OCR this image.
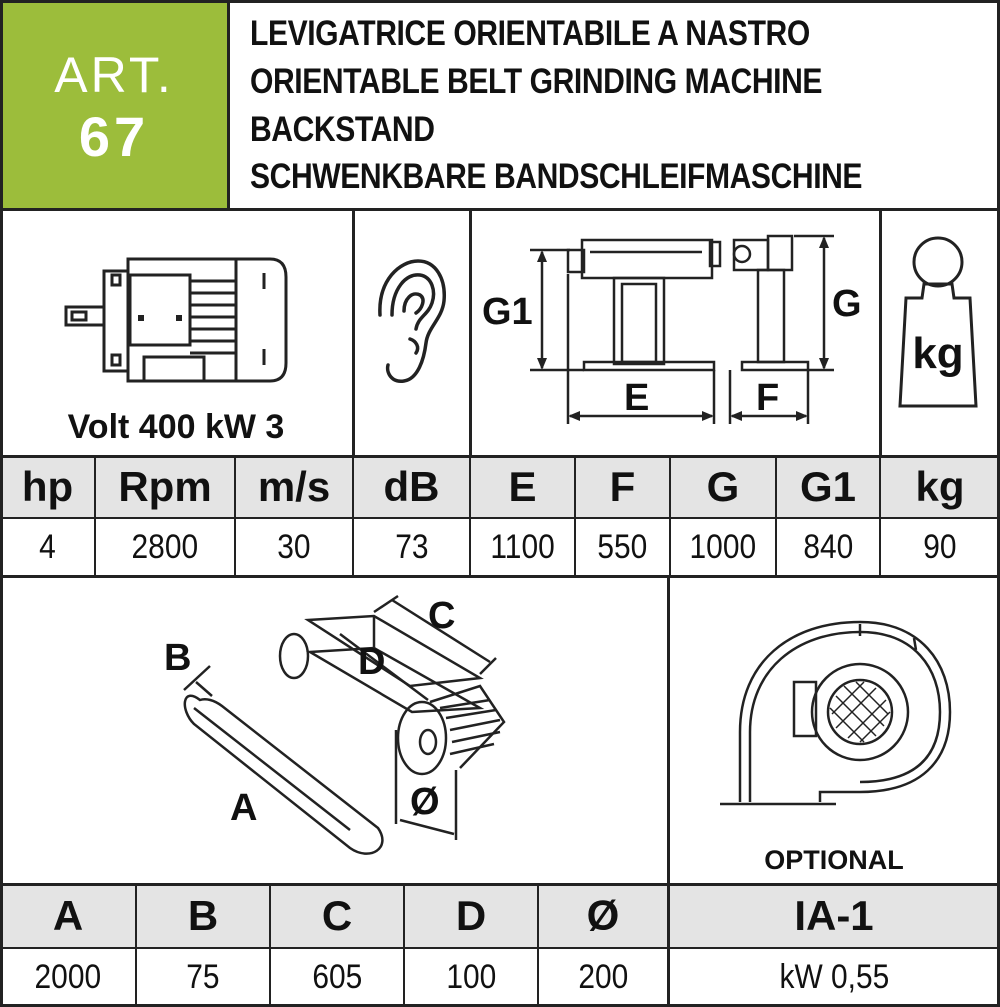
ART.
67
LEVIGATRICE ORIENTABILE A NASTRO
ORIENTABLE BELT GRINDING MACHINE
BACKSTAND
SCHWENKBARE BANDSCHLEIFMASCHINE
Volt 400 kW 3
G1	G
E	F
kg
B
C
D
A	Ø
OPTIONAL
hp	Rpm	m/s	dB	E	F	G	G1	kg
4 2800 30 73 1100 550 1000 840 90
A	B	C	D	Ø	IA-1
2000	75	605 100 200	kW 0,55
